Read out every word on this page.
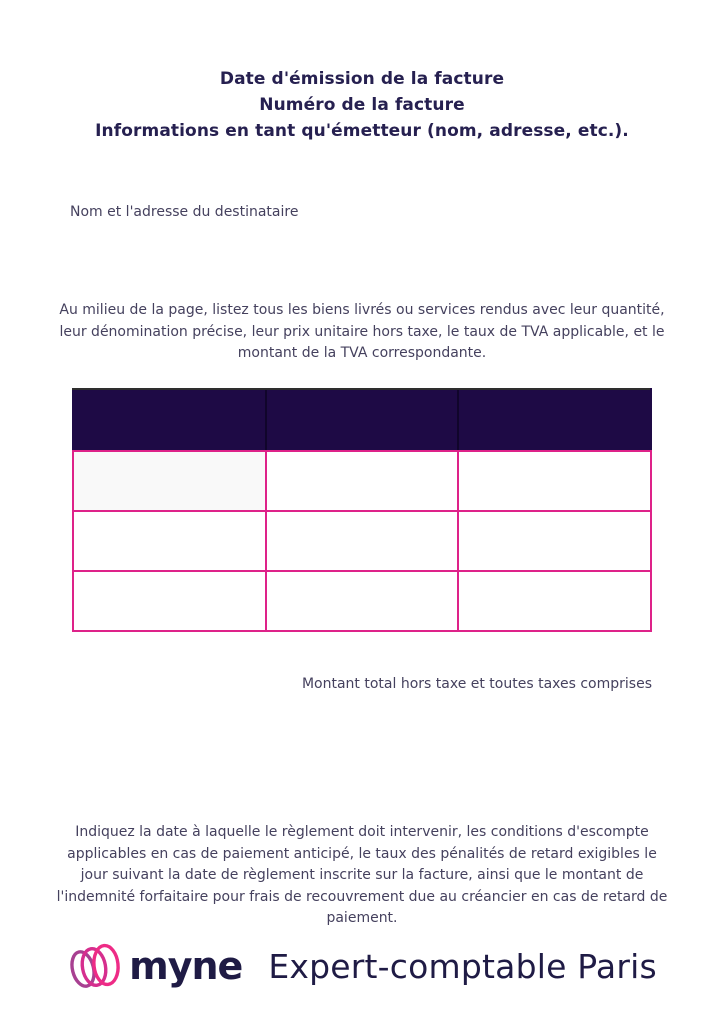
Date d'émission de la facture
Numéro de la facture
Informations en tant qu'émetteur (nom, adresse, etc.).
Nom et l'adresse du destinataire

Au milieu de la page, listez tous les biens livrés ou services rendus avec leur quantité, leur dénomination précise, leur prix unitaire hors taxe, le taux de TVA applicable, et le montant de la TVA correspondante.

Montant total hors taxe et toutes taxes comprises

Indiquez la date à laquelle le règlement doit intervenir, les conditions d'escompte applicables en cas de paiement anticipé, le taux des pénalités de retard exigibles le jour suivant la date de règlement inscrite sur la facture, ainsi que le montant de l'indemnité forfaitaire pour frais de recouvrement due au créancier en cas de retard de paiement.

myne Expert-comptable Paris
